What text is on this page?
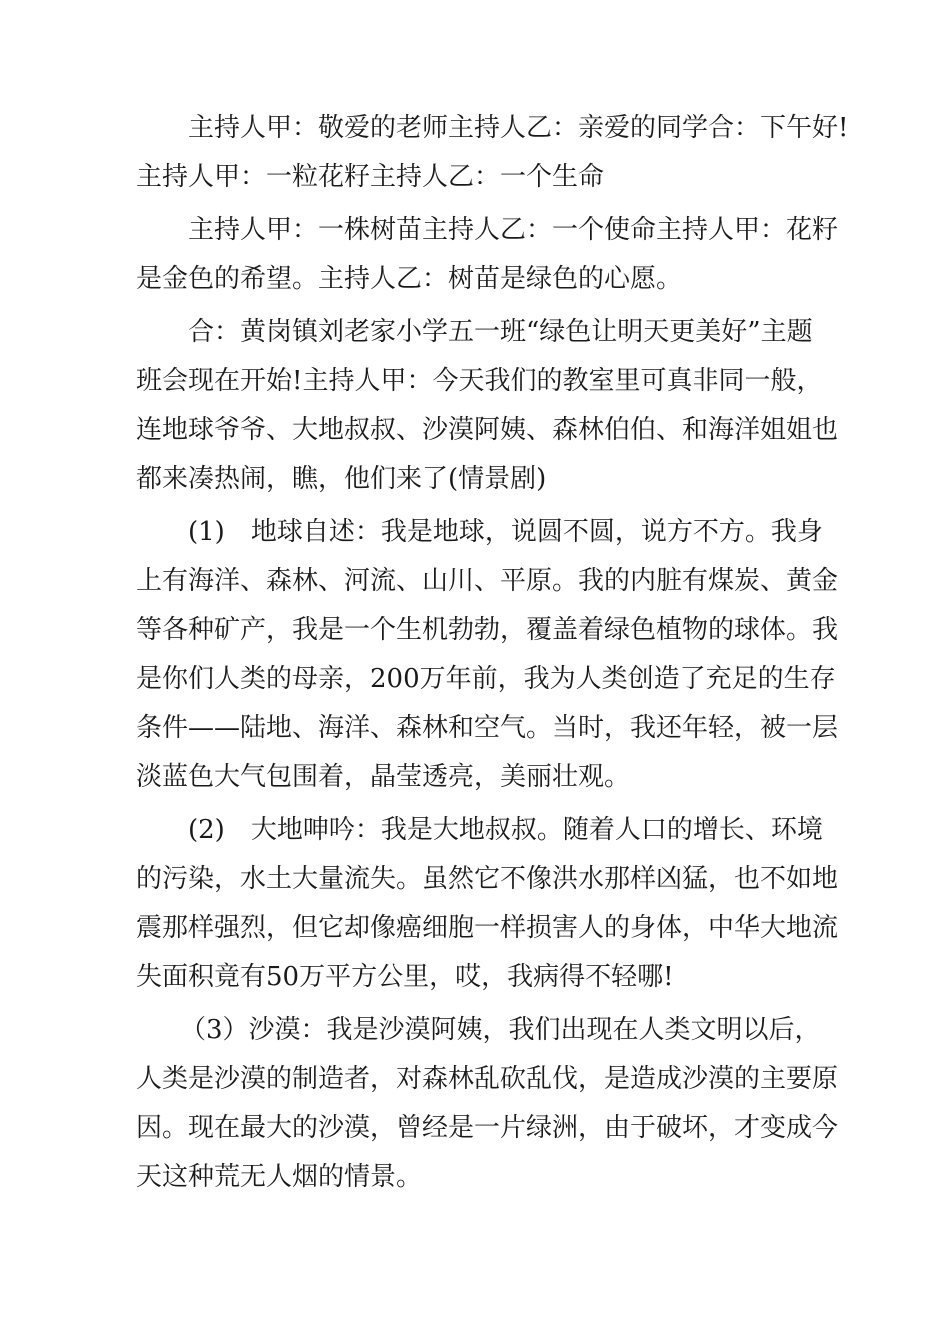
主持人甲：敬爱的老师主持人乙：亲爱的同学合：下午好!
主持人甲：一粒花籽主持人乙：一个生命
主持人甲：一株树苗主持人乙：一个使命主持人甲：花籽
是金色的希望。主持人乙：树苗是绿色的心愿。
合：黄岗镇刘老家小学五一班“绿色让明天更美好”主题
班会现在开始!主持人甲：今天我们的教室里可真非同一般，
连地球爷爷、大地叔叔、沙漠阿姨、森林伯伯、和海洋姐姐也
都来凑热闹，瞧，他们来了(情景剧)
(1)　地球自述：我是地球，说圆不圆，说方不方。我身
上有海洋、森林、河流、山川、平原。我的内脏有煤炭、黄金
等各种矿产，我是一个生机勃勃，覆盖着绿色植物的球体。我
是你们人类的母亲，200万年前，我为人类创造了充足的生存
条件——陆地、海洋、森林和空气。当时，我还年轻，被一层
淡蓝色大气包围着，晶莹透亮，美丽壮观。
(2)　大地呻吟：我是大地叔叔。随着人口的增长、环境
的污染，水土大量流失。虽然它不像洪水那样凶猛，也不如地
震那样强烈，但它却像癌细胞一样损害人的身体，中华大地流
失面积竟有50万平方公里，哎，我病得不轻哪!
（3）沙漠：我是沙漠阿姨，我们出现在人类文明以后，
人类是沙漠的制造者，对森林乱砍乱伐，是造成沙漠的主要原
因。现在最大的沙漠，曾经是一片绿洲，由于破坏，才变成今
天这种荒无人烟的情景。
